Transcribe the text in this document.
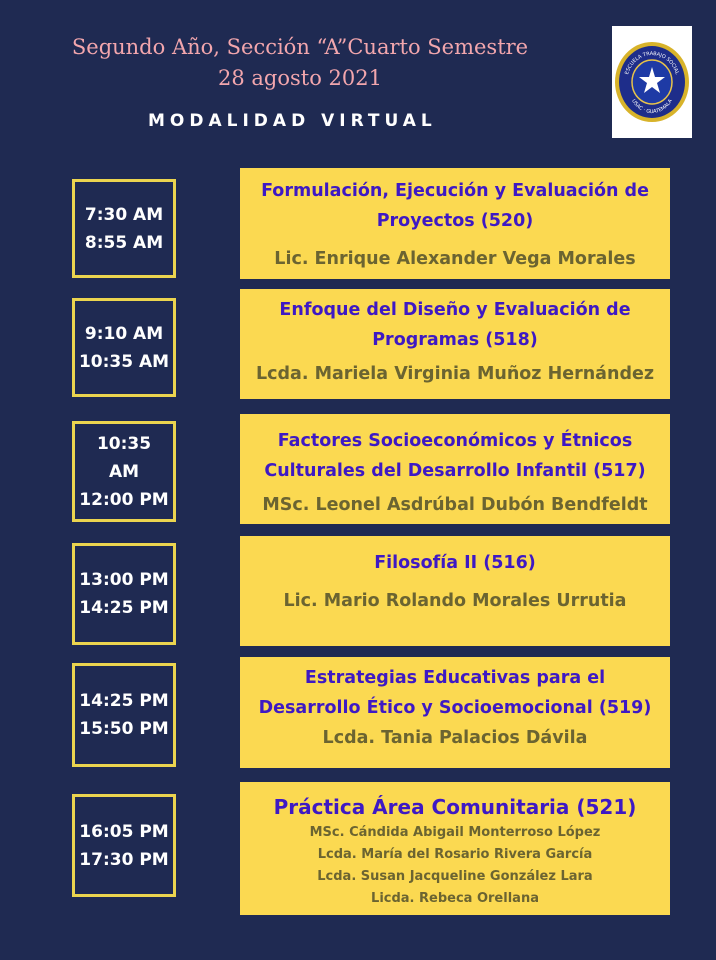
Segundo Año, Sección “A”Cuarto Semestre
28 agosto 2021
MODALIDAD VIRTUAL
ESCUELA TRABAJO SOCIAL
USAC · GUATEMALA
7:30 AM
8:55 AM
Formulación, Ejecución y Evaluación de
Proyectos (520)
Lic. Enrique Alexander Vega Morales
9:10 AM
10:35 AM
Enfoque del Diseño y Evaluación de
Programas (518)
Lcda. Mariela Virginia Muñoz Hernández
10:35
AM
12:00 PM
Factores Socioeconómicos y Étnicos
Culturales del Desarrollo Infantil (517)
MSc. Leonel Asdrúbal Dubón Bendfeldt
13:00 PM
14:25 PM
Filosofía II (516)
Lic. Mario Rolando Morales Urrutia
14:25 PM
15:50 PM
Estrategias Educativas para el
Desarrollo Ético y Socioemocional (519)
Lcda. Tania Palacios Dávila
16:05 PM
17:30 PM
Práctica Área Comunitaria (521)
MSc. Cándida Abigail Monterroso López
Lcda. María del Rosario Rivera García
Lcda. Susan Jacqueline González Lara
Licda. Rebeca Orellana
